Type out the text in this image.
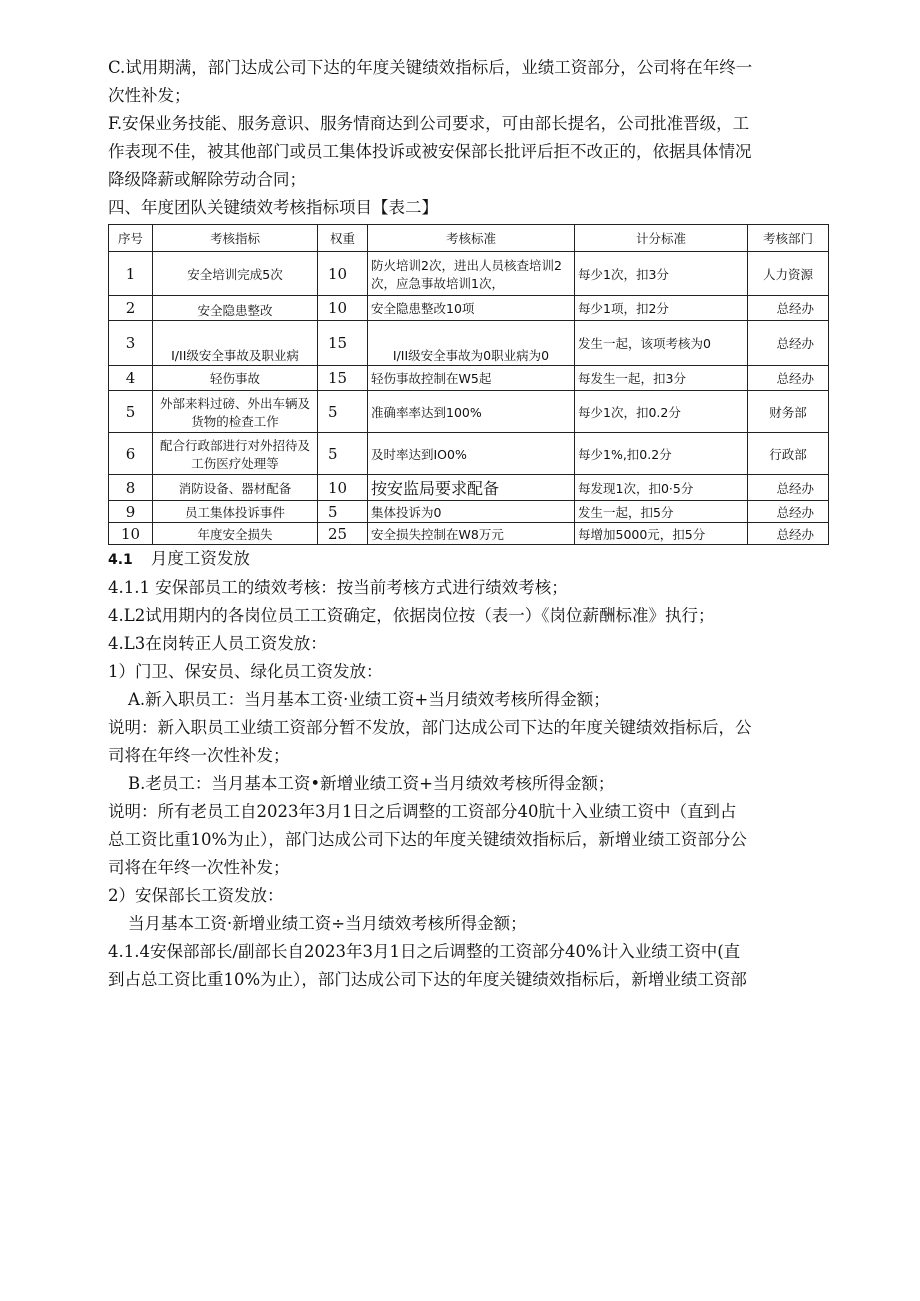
C.试用期满，部门达成公司下达的年度关键绩效指标后，业绩工资部分，公司将在年终一
次性补发；
F.安保业务技能、服务意识、服务情商达到公司要求，可由部长提名，公司批准晋级，工
作表现不佳，被其他部门或员工集体投诉或被安保部长批评后拒不改正的，依据具体情况
降级降薪或解除劳动合同；

四、年度团队关键绩效考核指标项目【表二】

序号	考核指标	权重	考核标准	计分标准	考核部门
1	安全培训完成5次	10	防火培训2次，进出人员核查培训2次，应急事故培训1次，	每少1次，扣3分	人力资源
2	安全隐患整改	10	安全隐患整改10项	每少1项，扣2分	总经办
3	I/II级安全事故及职业病	15	I/II级安全事故为0职业病为0	发生一起，该项考核为0	总经办
4	轻伤事故	15	轻伤事故控制在W5起	每发生一起，扣3分	总经办
5	外部来料过磅、外出车辆及货物的检查工作	5	准确率率达到100%	每少1次，扣0.2分	财务部
6	配合行政部进行对外招待及工伤医疗处理等	5	及时率达到IO0%	每少1%,扣0.2分	行政部
8	消防设备、器材配备	10	按安监局要求配备	每发现1次，扣0·5分	总经办
9	员工集体投诉事件	5	集体投诉为0	发生一起，扣5分	总经办
10	年度安全损失	25	安全损失控制在W8万元	每增加5000元，扣5分	总经办

4.1 月度工资发放

4.1.1 安保部员工的绩效考核：按当前考核方式进行绩效考核；

4.L2试用期内的各岗位员工工资确定，依据岗位按（表一）《岗位薪酬标准》执行；

4.L3在岗转正人员工资发放：

1）门卫、保安员、绿化员工资发放：

A.新入职员工：当月基本工资·业绩工资+当月绩效考核所得金额；

说明：新入职员工业绩工资部分暂不发放，部门达成公司下达的年度关键绩效指标后，公
司将在年终一次性补发；

B.老员工：当月基本工资•新增业绩工资+当月绩效考核所得金额；

说明：所有老员工自2023年3月1日之后调整的工资部分40肮十入业绩工资中（直到占
总工资比重10%为止），部门达成公司下达的年度关键绩效指标后，新增业绩工资部分公
司将在年终一次性补发；

2）安保部长工资发放：

当月基本工资·新增业绩工资÷当月绩效考核所得金额；

4.1.4安保部部长/副部长自2023年3月1日之后调整的工资部分40%计入业绩工资中(直
到占总工资比重10%为止），部门达成公司下达的年度关键绩效指标后，新增业绩工资部
